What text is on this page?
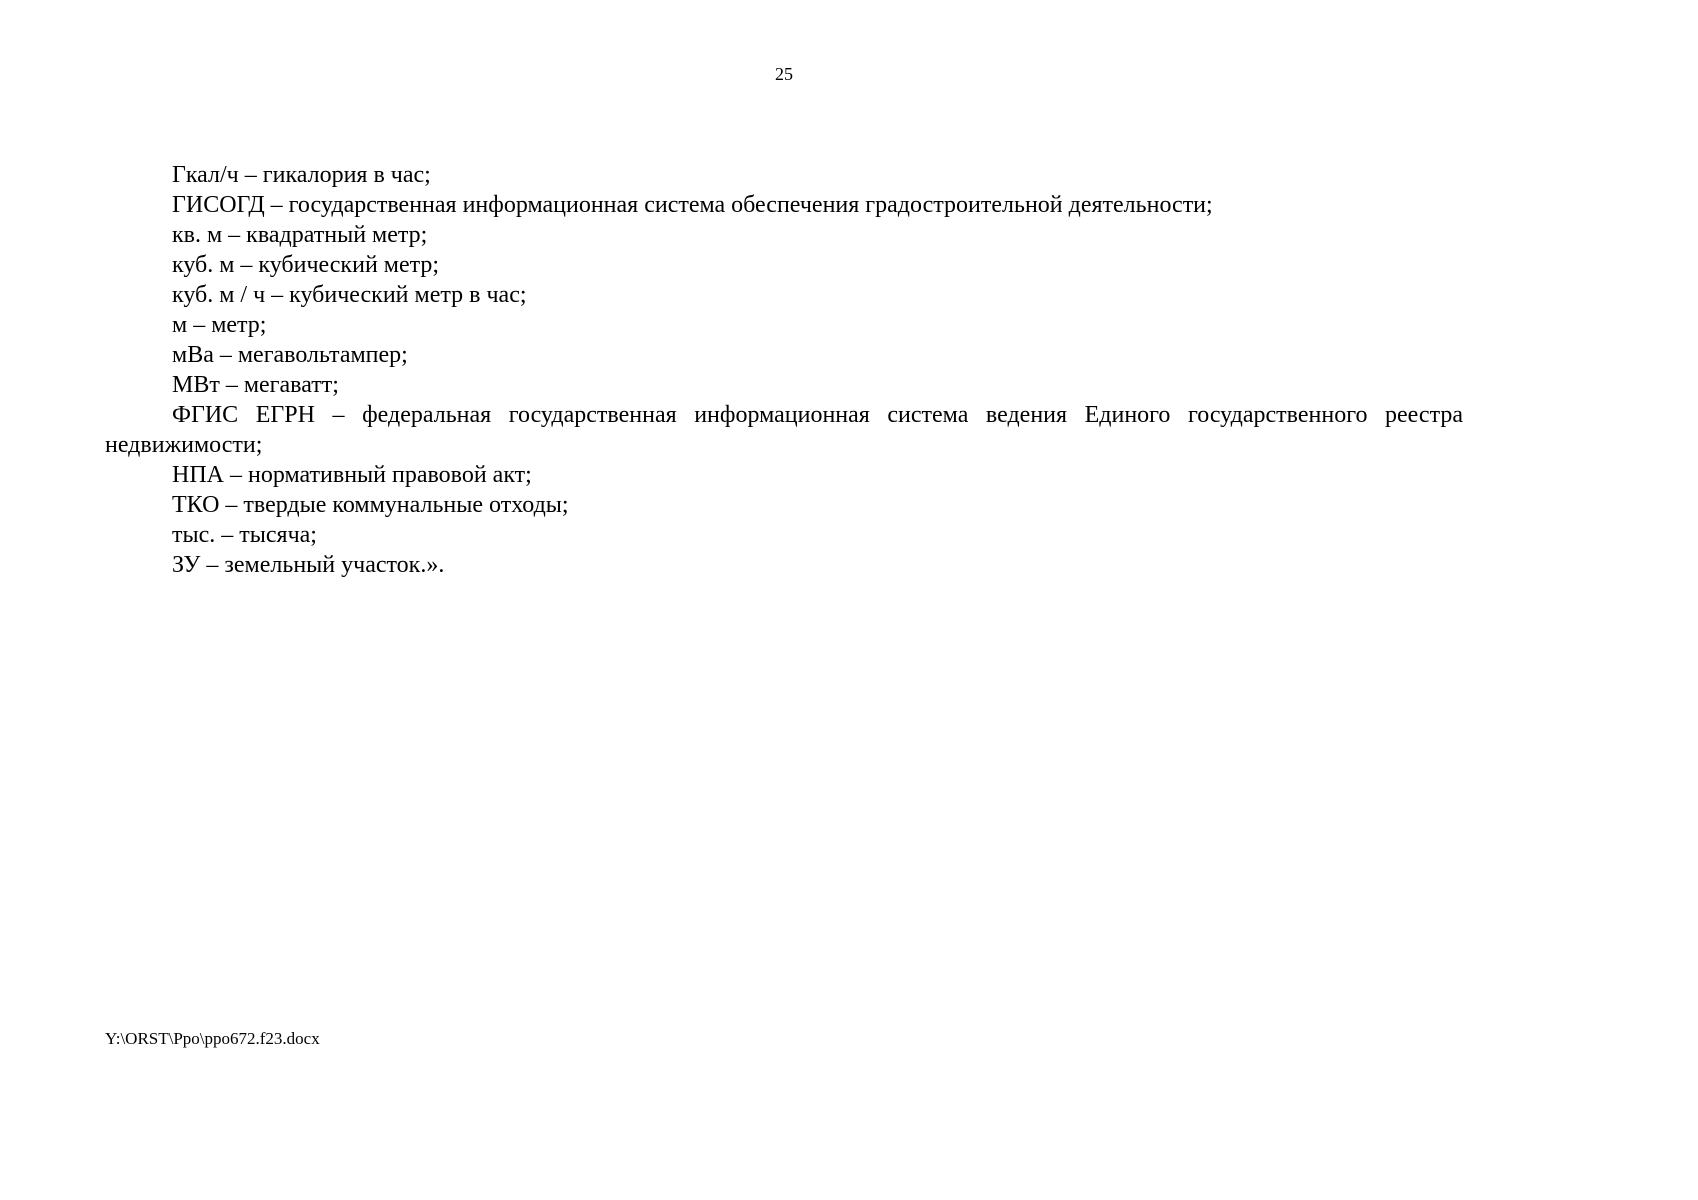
25
Гкал/ч – гикалория в час;
ГИСОГД – государственная информационная система обеспечения градостроительной деятельности;
кв. м – квадратный метр;
куб. м – кубический метр;
куб. м / ч – кубический метр в час;
м – метр;
мВа – мегавольтампер;
МВт – мегаватт;
ФГИС ЕГРН – федеральная государственная информационная система ведения Единого государственного реестра
недвижимости;
НПА – нормативный правовой акт;
ТКО – твердые коммунальные отходы;
тыс. – тысяча;
ЗУ – земельный участок.».
Y:\ORST\Ppo\ppo672.f23.docx
